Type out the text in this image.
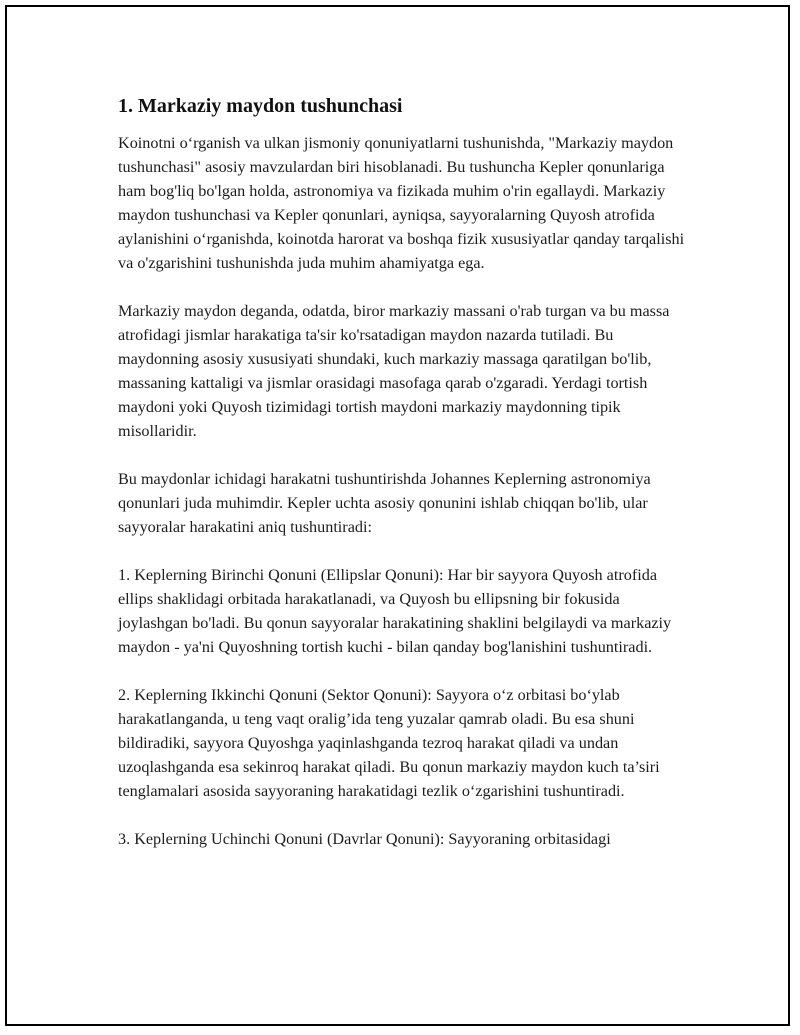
1. Markaziy maydon tushunchasi

Koinotni o‘rganish va ulkan jismoniy qonuniyatlarni tushunishda, "Markaziy maydon tushunchasi" asosiy mavzulardan biri hisoblanadi. Bu tushuncha Kepler qonunlariga ham bog'liq bo'lgan holda, astronomiya va fizikada muhim o'rin egallaydi. Markaziy maydon tushunchasi va Kepler qonunlari, ayniqsa, sayyoralarning Quyosh atrofida aylanishini o‘rganishda, koinotda harorat va boshqa fizik xususiyatlar qanday tarqalishi va o'zgarishini tushunishda juda muhim ahamiyatga ega.

Markaziy maydon deganda, odatda, biror markaziy massani o'rab turgan va bu massa atrofidagi jismlar harakatiga ta'sir ko'rsatadigan maydon nazarda tutiladi. Bu maydonning asosiy xususiyati shundaki, kuch markaziy massaga qaratilgan bo'lib, massaning kattaligi va jismlar orasidagi masofaga qarab o'zgaradi. Yerdagi tortish maydoni yoki Quyosh tizimidagi tortish maydoni markaziy maydonning tipik misollaridir.

Bu maydonlar ichidagi harakatni tushuntirishda Johannes Keplerning astronomiya qonunlari juda muhimdir. Kepler uchta asosiy qonunini ishlab chiqqan bo'lib, ular sayyoralar harakatini aniq tushuntiradi:

1. Keplerning Birinchi Qonuni (Ellipslar Qonuni): Har bir sayyora Quyosh atrofida ellips shaklidagi orbitada harakatlanadi, va Quyosh bu ellipsning bir fokusida joylashgan bo'ladi. Bu qonun sayyoralar harakatining shaklini belgilaydi va markaziy maydon - ya'ni Quyoshning tortish kuchi - bilan qanday bog'lanishini tushuntiradi.

2. Keplerning Ikkinchi Qonuni (Sektor Qonuni): Sayyora o‘z orbitasi bo‘ylab harakatlanganda, u teng vaqt oralig’ida teng yuzalar qamrab oladi. Bu esa shuni bildiradiki, sayyora Quyoshga yaqinlashganda tezroq harakat qiladi va undan uzoqlashganda esa sekinroq harakat qiladi. Bu qonun markaziy maydon kuch ta’siri tenglamalari asosida sayyoraning harakatidagi tezlik o‘zgarishini tushuntiradi.

3. Keplerning Uchinchi Qonuni (Davrlar Qonuni): Sayyoraning orbitasidagi
